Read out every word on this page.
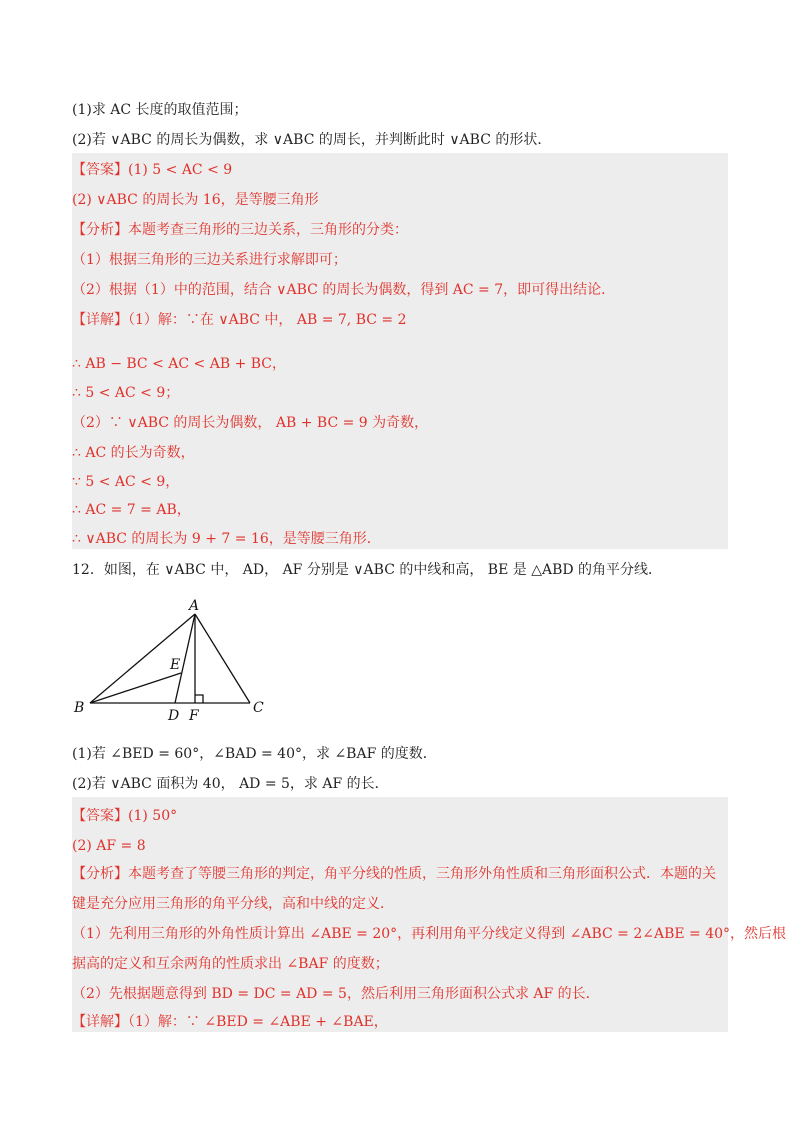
(1)求 AC 长度的取值范围；
(2)若 ∨ABC 的周长为偶数，求 ∨ABC 的周长，并判断此时 ∨ABC 的形状．
【答案】(1) 5 < AC < 9
(2) ∨ABC 的周长为 16，是等腰三角形
【分析】本题考查三角形的三边关系，三角形的分类：
（1）根据三角形的三边关系进行求解即可；
（2）根据（1）中的范围，结合 ∨ABC 的周长为偶数，得到 AC = 7，即可得出结论．
【详解】（1）解：∵在 ∨ABC 中， AB = 7, BC = 2
∴ AB − BC < AC < AB + BC，
∴ 5 < AC < 9；
（2）∵ ∨ABC 的周长为偶数， AB + BC = 9 为奇数，
∴ AC 的长为奇数，
∵ 5 < AC < 9，
∴ AC = 7 = AB，
∴ ∨ABC 的周长为 9 + 7 = 16，是等腰三角形．
12．如图，在 ∨ABC 中， AD， AF 分别是 ∨ABC 的中线和高， BE 是 △ABD 的角平分线．
A
B	C
D
E
F
(1)若 ∠BED = 60°，∠BAD = 40°，求 ∠BAF 的度数．
(2)若 ∨ABC 面积为 40， AD = 5，求 AF 的长．
【答案】(1) 50°
(2) AF = 8
【分析】本题考查了等腰三角形的判定，角平分线的性质，三角形外角性质和三角形面积公式．本题的关
键是充分应用三角形的角平分线，高和中线的定义．
（1）先利用三角形的外角性质计算出 ∠ABE = 20°，再利用角平分线定义得到 ∠ABC = 2∠ABE = 40°，然后根
据高的定义和互余两角的性质求出 ∠BAF 的度数；
（2）先根据题意得到 BD = DC = AD = 5，然后利用三角形面积公式求 AF 的长．
【详解】（1）解：∵ ∠BED = ∠ABE + ∠BAE，
